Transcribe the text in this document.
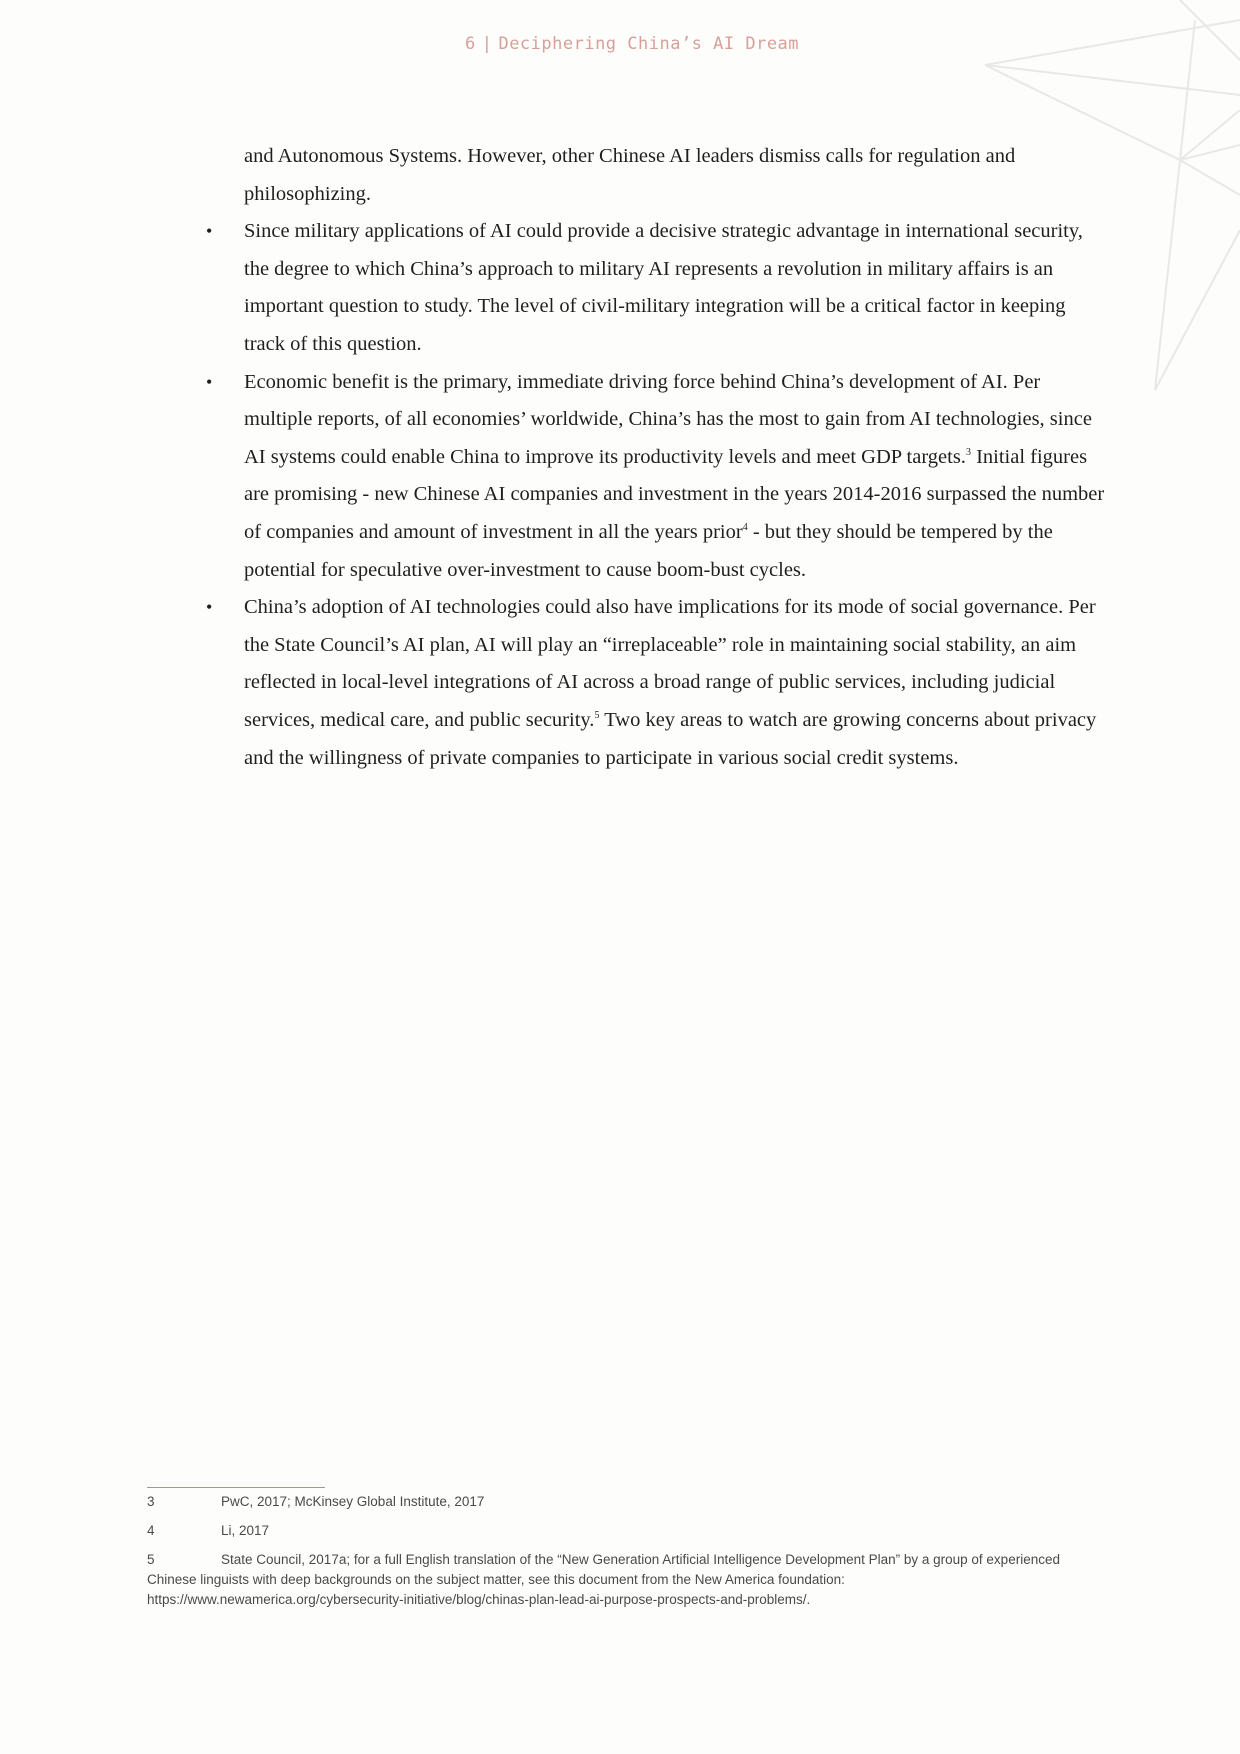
6 | Deciphering China’s AI Dream

and Autonomous Systems. However, other Chinese AI leaders dismiss calls for regulation and philosophizing.

• Since military applications of AI could provide a decisive strategic advantage in international security, the degree to which China’s approach to military AI represents a revolution in military affairs is an important question to study. The level of civil-military integration will be a critical factor in keeping track of this question.
• Economic benefit is the primary, immediate driving force behind China’s development of AI. Per multiple reports, of all economies’ worldwide, China’s has the most to gain from AI technologies, since AI systems could enable China to improve its productivity levels and meet GDP targets.$^3$ Initial figures are promising - new Chinese AI companies and investment in the years 2014-2016 surpassed the number of companies and amount of investment in all the years prior$^4$ - but they should be tempered by the potential for speculative over-investment to cause boom-bust cycles.
• China’s adoption of AI technologies could also have implications for its mode of social governance. Per the State Council’s AI plan, AI will play an “irreplaceable” role in maintaining social stability, an aim reflected in local-level integrations of AI across a broad range of public services, including judicial services, medical care, and public security.$^5$ Two key areas to watch are growing concerns about privacy and the willingness of private companies to participate in various social credit systems.

3	PwC, 2017; McKinsey Global Institute, 2017

4	Li, 2017

5	State Council, 2017a; for a full English translation of the “New Generation Artificial Intelligence Development Plan” by a group of experienced Chinese linguists with deep backgrounds on the subject matter, see this document from the New America foundation: https://www.newamerica.org/cybersecurity-initiative/blog/chinas-plan-lead-ai-purpose-prospects-and-problems/.
